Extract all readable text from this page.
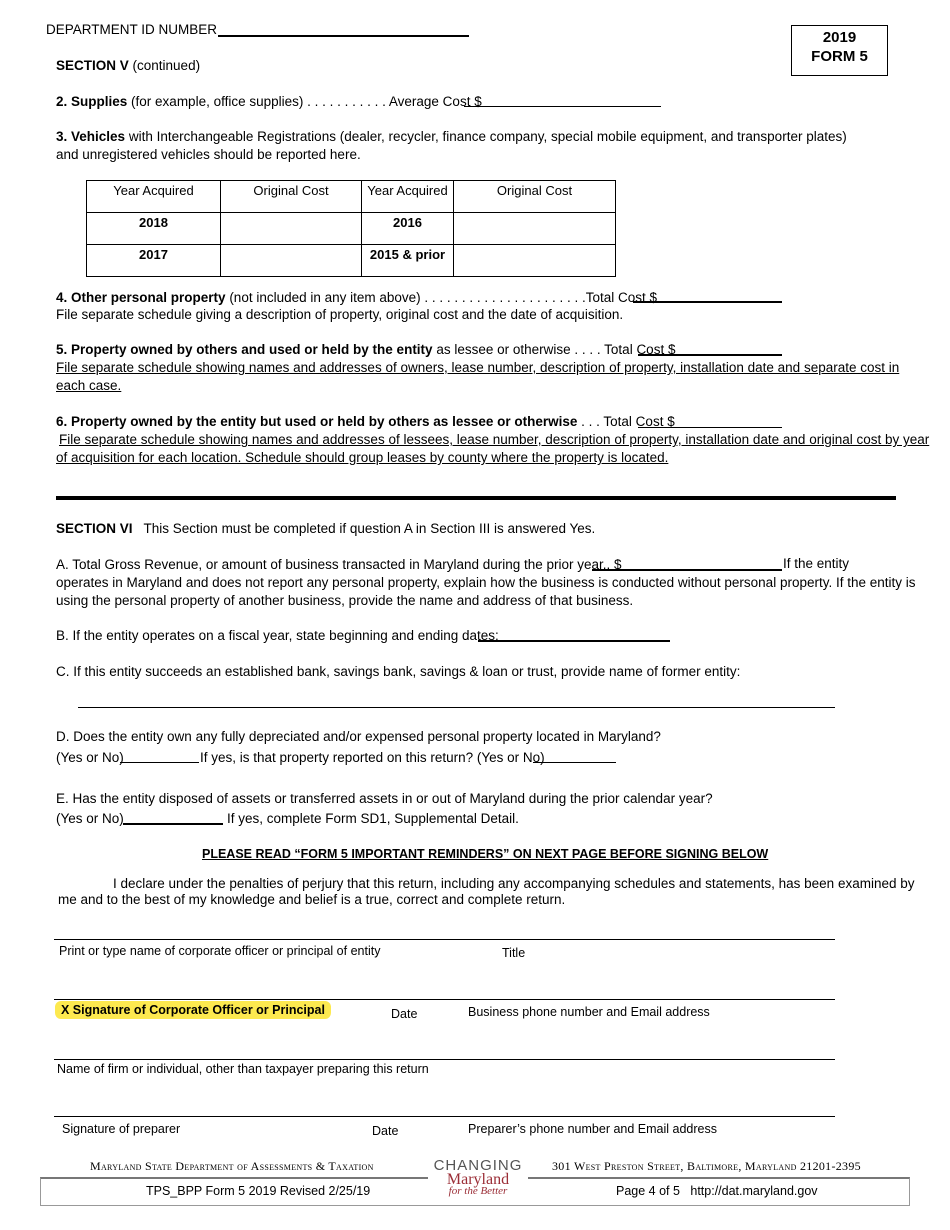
DEPARTMENT ID NUMBER	2019
FORM 5
SECTION V (continued)
2. Supplies (for example, office supplies) . . . . . . . . . . . Average Cost $
3. Vehicles with Interchangeable Registrations (dealer, recycler, finance company, special mobile equipment, and transporter plates) and unregistered vehicles should be reported here.
Year Acquired	Original Cost	Year Acquired	Original Cost
2018		2016	
2017		2015 & prior	
4. Other personal property (not included in any item above) . . . . . . . . . . . . . . . . . . . . . .Total Cost $
File separate schedule giving a description of property, original cost and the date of acquisition.
5. Property owned by others and used or held by the entity as lessee or otherwise . . . . Total Cost $
File separate schedule showing names and addresses of owners, lease number, description of property, installation date and separate cost in
each case.
6. Property owned by the entity but used or held by others as lessee or otherwise . . . Total Cost $
File separate schedule showing names and addresses of lessees, lease number, description of property, installation date and original cost by year
of acquisition for each location. Schedule should group leases by county where the property is located.
SECTION VI This Section must be completed if question A in Section III is answered Yes.
A. Total Gross Revenue, or amount of business transacted in Maryland during the prior year.. $	If the entity
operates in Maryland and does not report any personal property, explain how the business is conducted without personal property. If the entity is
using the personal property of another business, provide the name and address of that business.
B. If the entity operates on a fiscal year, state beginning and ending dates:
C. If this entity succeeds an established bank, savings bank, savings & loan or trust, provide name of former entity:
D. Does the entity own any fully depreciated and/or expensed personal property located in Maryland?
(Yes or No)	If yes, is that property reported on this return? (Yes or No)
E. Has the entity disposed of assets or transferred assets in or out of Maryland during the prior calendar year?
(Yes or No)	If yes, complete Form SD1, Supplemental Detail.
PLEASE READ “FORM 5 IMPORTANT REMINDERS” ON NEXT PAGE BEFORE SIGNING BELOW
I declare under the penalties of perjury that this return, including any accompanying schedules and statements, has been examined by
me and to the best of my knowledge and belief is a true, correct and complete return.
Print or type name of corporate officer or principal of entity	Title
X Signature of Corporate Officer or Principal	Date	Business phone number and Email address
Name of firm or individual, other than taxpayer preparing this return
Signature of preparer	Date	Preparer’s phone number and Email address
Maryland State Department of Assessments & Taxation	301 West Preston Street, Baltimore, Maryland 21201-2395
TPS_BPP Form 5 2019 Revised 2/25/19	Page 4 of 5 http://dat.maryland.gov
CHANGING
Maryland
for the Better
